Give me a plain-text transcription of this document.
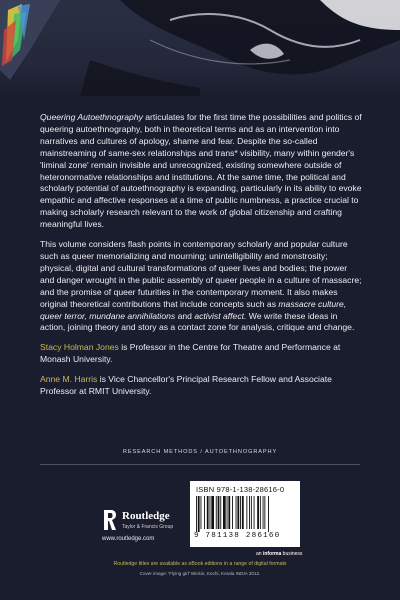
Queering Autoethnography articulates for the first time the possibilities and politics of queering autoethnography, both in theoretical terms and as an intervention into narratives and cultures of apology, shame and fear. Despite the so-called mainstreaming of same-sex relationships and trans* visibility, many within gender's 'liminal zone' remain invisible and unrecognized, existing somewhere outside of heteronormative relationships and institutions. At the same time, the political and scholarly potential of autoethnography is expanding, particularly in its ability to evoke empathic and affective responses at a time of public numbness, a practice crucial to making scholarly research relevant to the work of global citizenship and crafting meaningful lives.

This volume considers flash points in contemporary scholarly and popular culture such as queer memorializing and mourning; unintelligibility and monstrosity; physical, digital and cultural transformations of queer lives and bodies; the power and danger wrought in the public assembly of queer people in a culture of massacre; and the promise of queer futurities in the contemporary moment. It also makes original theoretical contributions that include concepts such as massacre culture, queer terror, mundane annihilations and activist affect. We write these ideas in action, joining theory and story as a contact zone for analysis, critique and change.

Stacy Holman Jones is Professor in the Centre for Theatre and Performance at Monash University.

Anne M. Harris is Vice Chancellor's Principal Research Fellow and Associate Professor at RMIT University.

RESEARCH METHODS / AUTOETHNOGRAPHY
Routledge
Taylor & Francis Group
www.routledge.com
ISBN 978-1-138-28616-0
9 781138 286160
an informa business
Routledge titles are available as eBook editions in a range of digital formats
Cover image: 'Flying girl' Wickie, Kochi, Kerala INDIA 2012.
